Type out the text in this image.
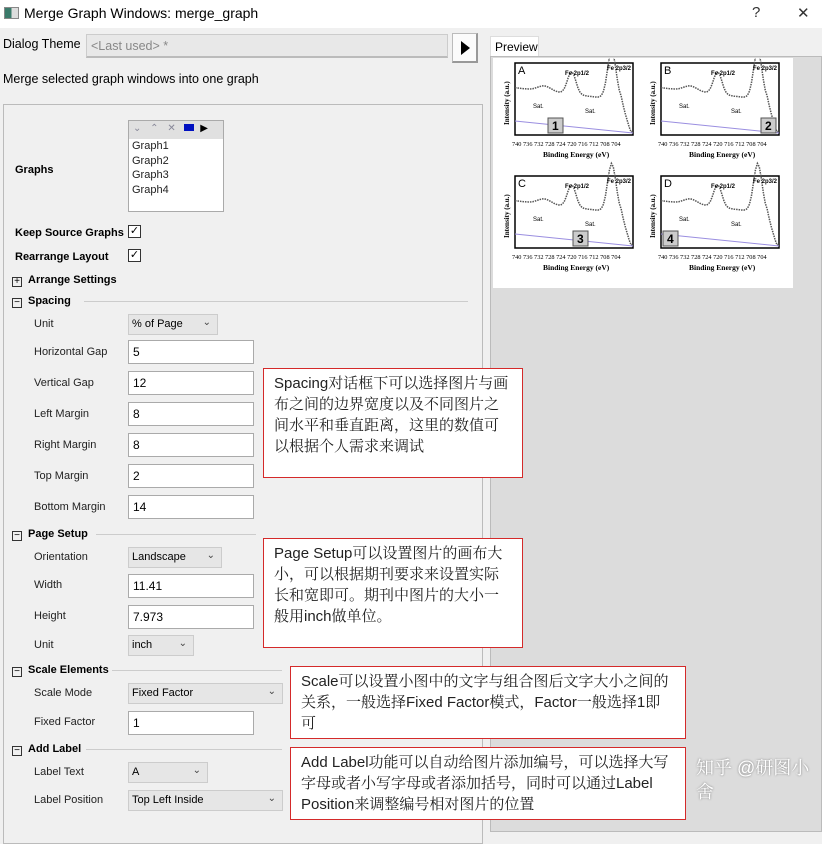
Merge Graph Windows: merge_graph	? ✕
Dialog Theme <Last used> *
Merge selected graph windows into one graph
Graphs
⌄ ⌃ ✕ ▶
Graph1
Graph2
Graph3
Graph4
Keep Source Graphs ✓
Rearrange Layout ✓
+ Arrange Settings
− Spacing
Unit	% of Page ⌄
Horizontal Gap	5
Vertical Gap	12
Left Margin	8
Right Margin	8
Top Margin	2
Bottom Margin	14
− Page Setup
Orientation	Landscape ⌄
Width	11.41
Height	7.973
Unit	inch	⌄
− Scale Elements
Scale Mode	Fixed Factor	⌄
Fixed Factor	1
− Add Label
Label Text	A	⌄
Label Position	Top Left Inside	⌄
Preview
A	Fe 2p1/2
Fe 2p3/2
Sat.
Sat.
740 736 732 728 724 720 716 712 708 704
Binding Energy (eV)
Intensity (a.u.)
1
B	Fe 2p1/2
Fe 2p3/2
Sat.
Sat.
740 736 732 728 724 720 716 712 708 704
Binding Energy (eV)
Intensity (a.u.)
2
C	Fe 2p1/2
Fe 2p3/2
Sat.
Sat.
740 736 732 728 724 720 716 712 708 704
Binding Energy (eV)
Intensity (a.u.)
3
D	Fe 2p1/2
Fe 2p3/2
Sat.
Sat.
740 736 732 728 724 720 716 712 708 704
Binding Energy (eV)
Intensity (a.u.)
4
Spacing对话框下可以选择图片与画布之间的边界宽度以及不同图片之间水平和垂直距离，这里的数值可以根据个人需求来调试
Page Setup可以设置图片的画布大小，可以根据期刊要求来设置实际长和宽即可。期刊中图片的大小一般用inch做单位。
Scale可以设置小图中的文字与组合图后文字大小之间的关系，一般选择Fixed Factor模式，Factor一般选择1即可
Add Label功能可以自动给图片添加编号，可以选择大写字母或者小写字母或者添加括号，同时可以通过Label Position来调整编号相对图片的位置
知乎 @研图小舍
